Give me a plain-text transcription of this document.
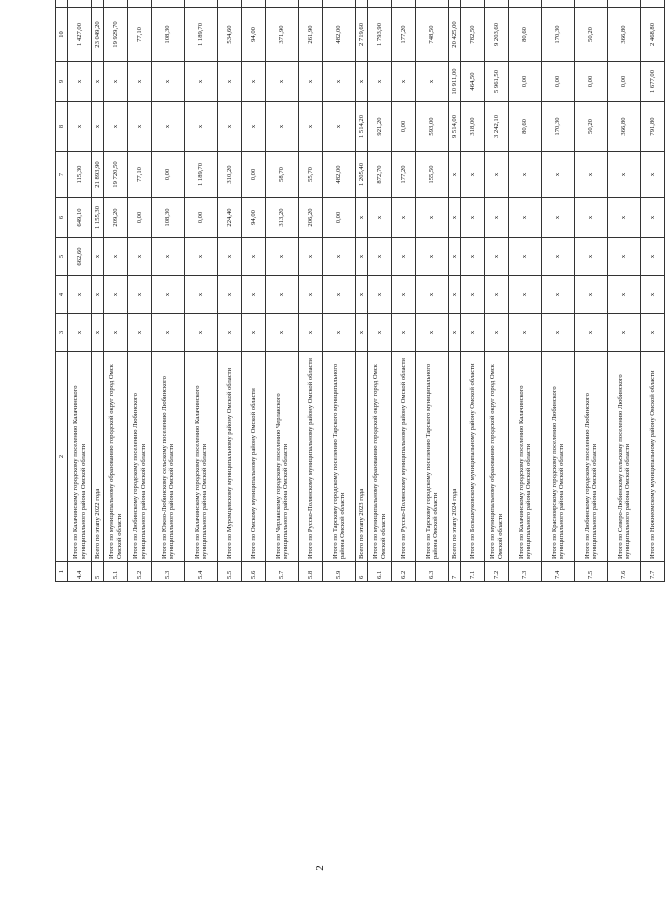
2
1	2	3	4	5	6	7	8	9	10								
4.4	Итого по Калачинскому городскому поселению Калачинского муниципального района Омской области	x	x	662,60	649,10	115,30	x	x	1 427,00								
5	Всего по этапу 2022 года	x	x	x	1 155,30	21 893,90	x	x	23 049,20								
5.1	Итого по муниципальному образованию городской округ город Омск Омской области	x	x	x	209,20	19 720,50	x	x	19 929,70								
5.2	Итого по Любинскому городскому поселению Любинского муниципального района Омской области	x	x	x	0,00	77,10	x	x	77,10								
5.3	Итого по Южно-Любинскому сельскому поселению Любинского муниципального района Омской области	x	x	x	108,30	0,00	x	x	108,30								
5.4	Итого по Калачинскому городскому поселению Калачинского муниципального района Омской области	x	x	x	0,00	1 189,70	x	x	1 189,70								
5.5	Итого по Муромцевскому муниципальному району Омской области	x	x	x	224,40	310,20	x	x	534,60								
5.6	Итого по Омскому муниципальному району Омской области	x	x	x	94,00	0,00	x	x	94,00								
5.7	Итого по Черлакскому городскому поселению Черлакского муниципального района Омской области	x	x	x	313,20	58,70	x	x	371,90								
5.8	Итого по Русско-Полянскому муниципальному району Омской области	x	x	x	206,20	55,70	x	x	261,90								
5.9	Итого по Тарскому городскому поселению Тарского муниципального района Омской области	x	x	x	0,00	482,00	x	x	482,00								
6	Всего по этапу 2023 года	x	x	x	x	1 205,40	1 514,20	x	2 719,60								
6.1	Итого по муниципальному образованию городской округ город Омск Омской области	x	x	x	x	872,70	921,20	x	1 793,90								
6.2	Итого по Русско-Полянскому муниципальному району Омской области	x	x	x	x	177,20	0,00	x	177,20								
6.3	Итого по Тарскому городскому поселению Тарского муниципального района Омской области	x	x	x	x	155,50	593,00	x	748,50								
7	Всего по этапу 2024 года	x	x	x	x	x	9 514,00	10 911,00	20 425,00								
7.1	Итого по Большеуковскому муниципальному району Омской области	x	x	x	x	x	318,00	464,50	782,50								
7.2	Итого по муниципальному образованию городской округ город Омск Омской области	x	x	x	x	x	3 242,10	5 961,50	9 203,60								
7.3	Итого по Калачинскому городскому поселению Калачинского муниципального района Омской области	x	x	x	x	x	80,60	0,00	80,60								
7.4	Итого по Красноярскому городскому поселению Любинского муниципального района Омской области	x	x	x	x	x	170,30	0,00	170,30								
7.5	Итого по Любинскому городскому поселению Любинского муниципального района Омской области	x	x	x	x	x	50,20	0,00	50,20								
7.6	Итого по Северо-Любинскому сельскому поселению Любинского муниципального района Омской области	x	x	x	x	x	366,80	0,00	366,80								
7.7	Итого по Нижнеомскому муниципальному району Омской области	x	x	x	x	x	791,80	1 677,00	2 468,80								
